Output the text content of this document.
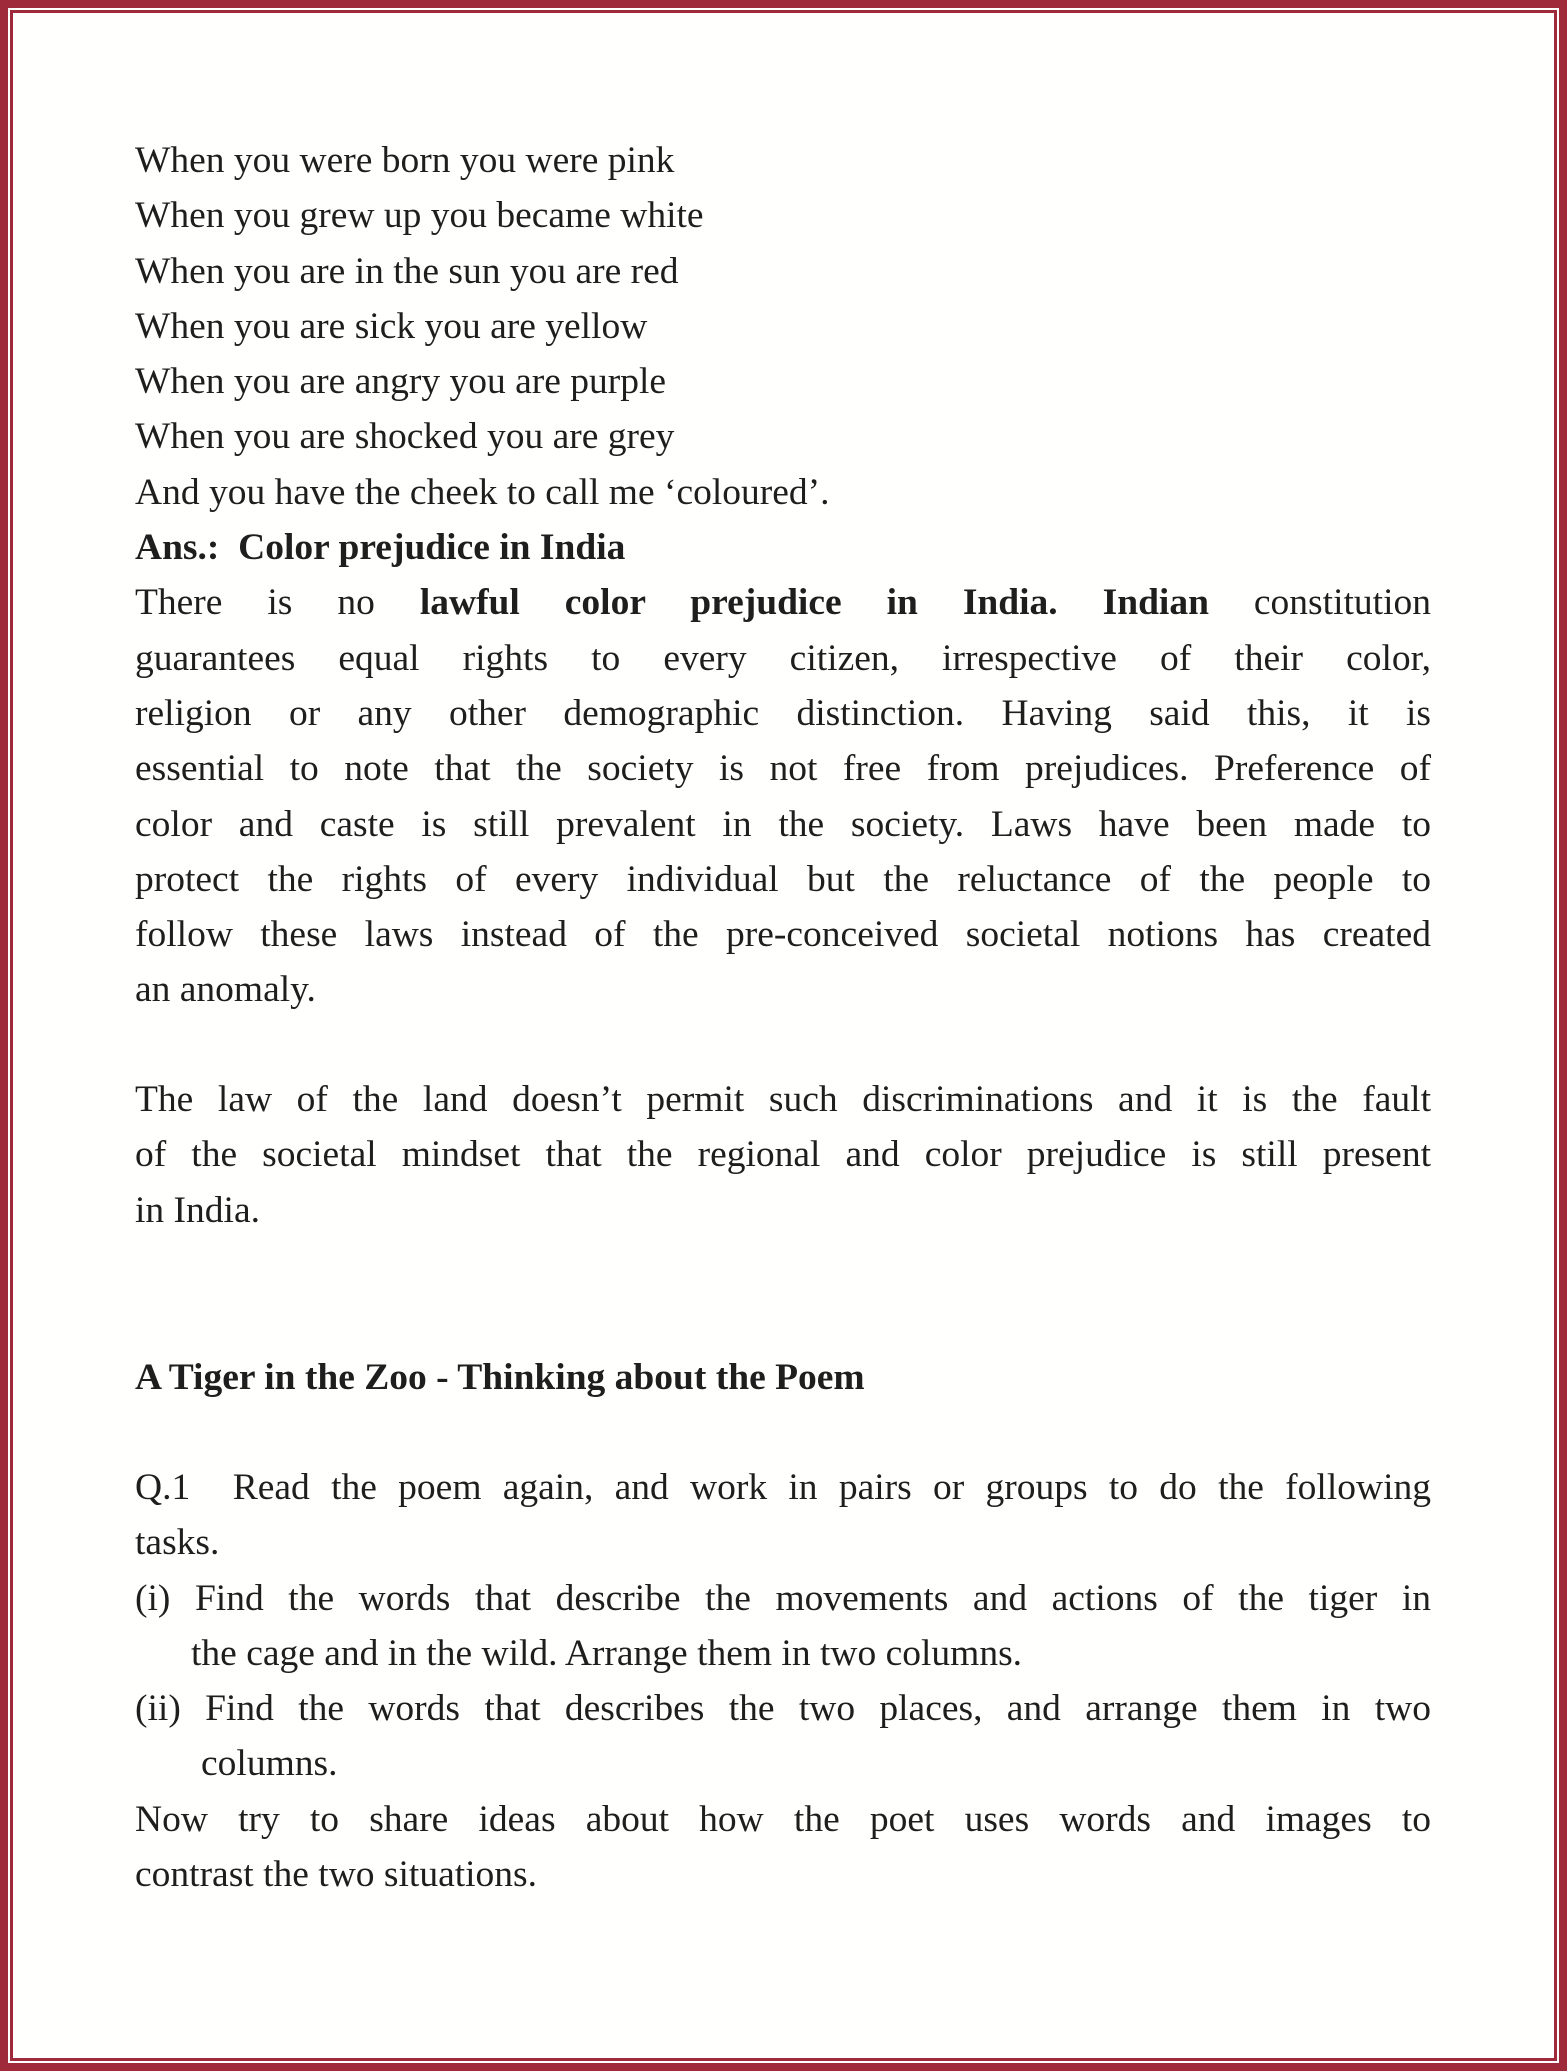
When you were born you were pink
When you grew up you became white
When you are in the sun you are red
When you are sick you are yellow
When you are angry you are purple
When you are shocked you are grey
And you have the cheek to call me ‘coloured’.
Ans.:  Color prejudice in India
There is no lawful color prejudice in India. Indian constitution
guarantees equal rights to every citizen, irrespective of their color,
religion or any other demographic distinction. Having said this, it is
essential to note that the society is not free from prejudices. Preference of
color and caste is still prevalent in the society. Laws have been made to
protect the rights of every individual but the reluctance of the people to
follow these laws instead of the pre-conceived societal notions has created
an anomaly.
The law of the land doesn’t permit such discriminations and it is the fault
of the societal mindset that the regional and color prejudice is still present
in India.
A Tiger in the Zoo - Thinking about the Poem
Q.1  Read the poem again, and work in pairs or groups to do the following
tasks.
(i) Find the words that describe the movements and actions of the tiger in
the cage and in the wild. Arrange them in two columns.
(ii) Find the words that describes the two places, and arrange them in two
columns.
Now try to share ideas about how the poet uses words and images to
contrast the two situations.
